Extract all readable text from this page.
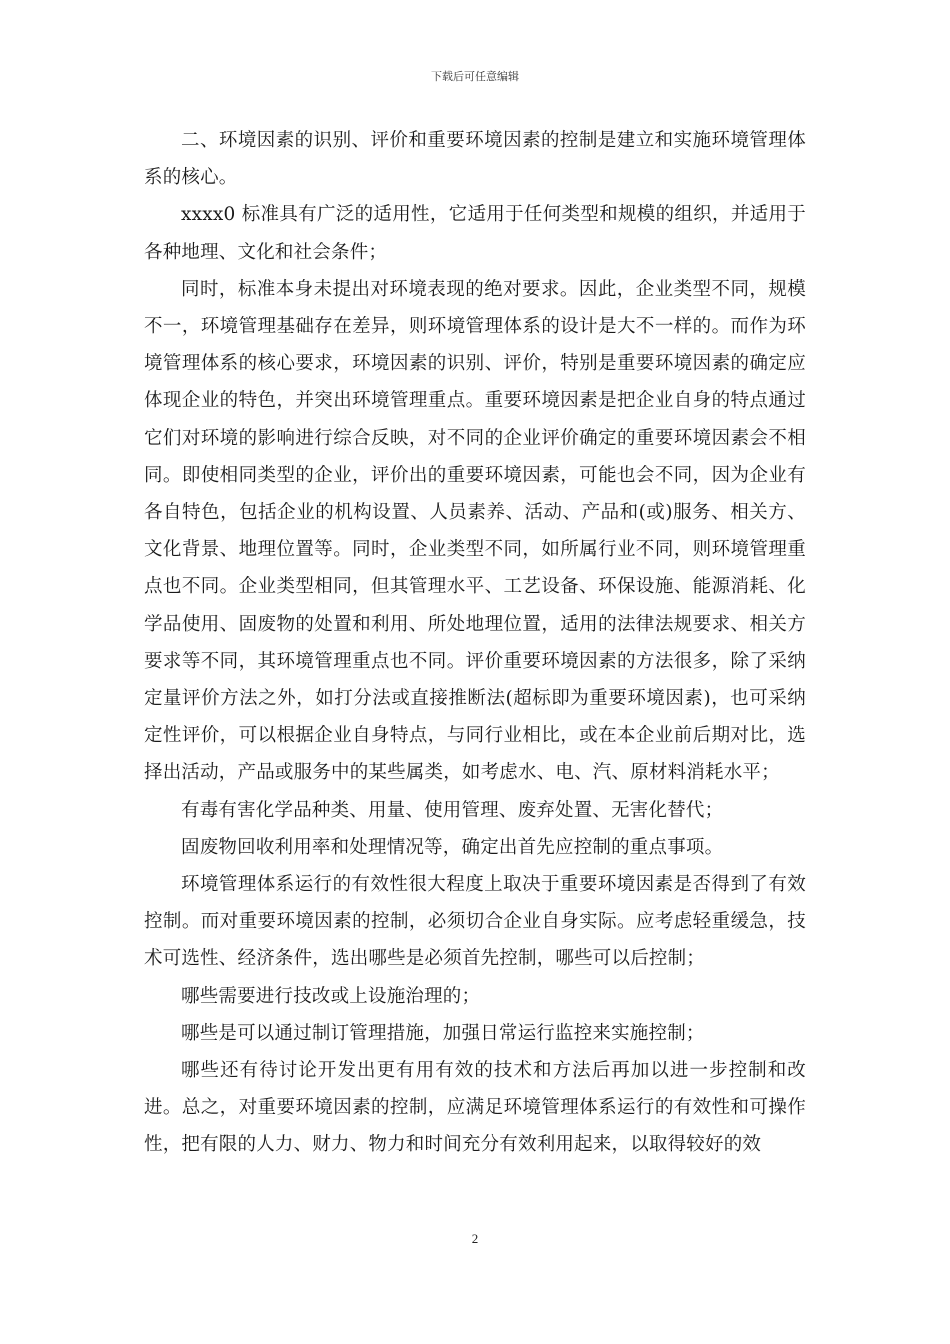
下载后可任意编辑

二、环境因素的识别、评价和重要环境因素的控制是建立和实施环境管理体系的核心。

xxxx0 标准具有广泛的适用性，它适用于任何类型和规模的组织，并适用于各种地理、文化和社会条件；

同时，标准本身未提出对环境表现的绝对要求。因此，企业类型不同，规模不一，环境管理基础存在差异，则环境管理体系的设计是大不一样的。而作为环境管理体系的核心要求，环境因素的识别、评价，特别是重要环境因素的确定应体现企业的特色，并突出环境管理重点。重要环境因素是把企业自身的特点通过它们对环境的影响进行综合反映，对不同的企业评价确定的重要环境因素会不相同。即使相同类型的企业，评价出的重要环境因素，可能也会不同，因为企业有各自特色，包括企业的机构设置、人员素养、活动、产品和(或)服务、相关方、文化背景、地理位置等。同时，企业类型不同，如所属行业不同，则环境管理重点也不同。企业类型相同，但其管理水平、工艺设备、环保设施、能源消耗、化学品使用、固废物的处置和利用、所处地理位置，适用的法律法规要求、相关方要求等不同，其环境管理重点也不同。评价重要环境因素的方法很多，除了采纳定量评价方法之外，如打分法或直接推断法(超标即为重要环境因素)，也可采纳定性评价，可以根据企业自身特点，与同行业相比，或在本企业前后期对比，选择出活动，产品或服务中的某些属类，如考虑水、电、汽、原材料消耗水平；

有毒有害化学品种类、用量、使用管理、废弃处置、无害化替代；

固废物回收利用率和处理情况等，确定出首先应控制的重点事项。

环境管理体系运行的有效性很大程度上取决于重要环境因素是否得到了有效控制。而对重要环境因素的控制，必须切合企业自身实际。应考虑轻重缓急，技术可选性、经济条件，选出哪些是必须首先控制，哪些可以后控制；

哪些需要进行技改或上设施治理的；

哪些是可以通过制订管理措施，加强日常运行监控来实施控制；

哪些还有待讨论开发出更有用有效的技术和方法后再加以进一步控制和改进。总之，对重要环境因素的控制，应满足环境管理体系运行的有效性和可操作性，把有限的人力、财力、物力和时间充分有效利用起来，以取得较好的效

2
